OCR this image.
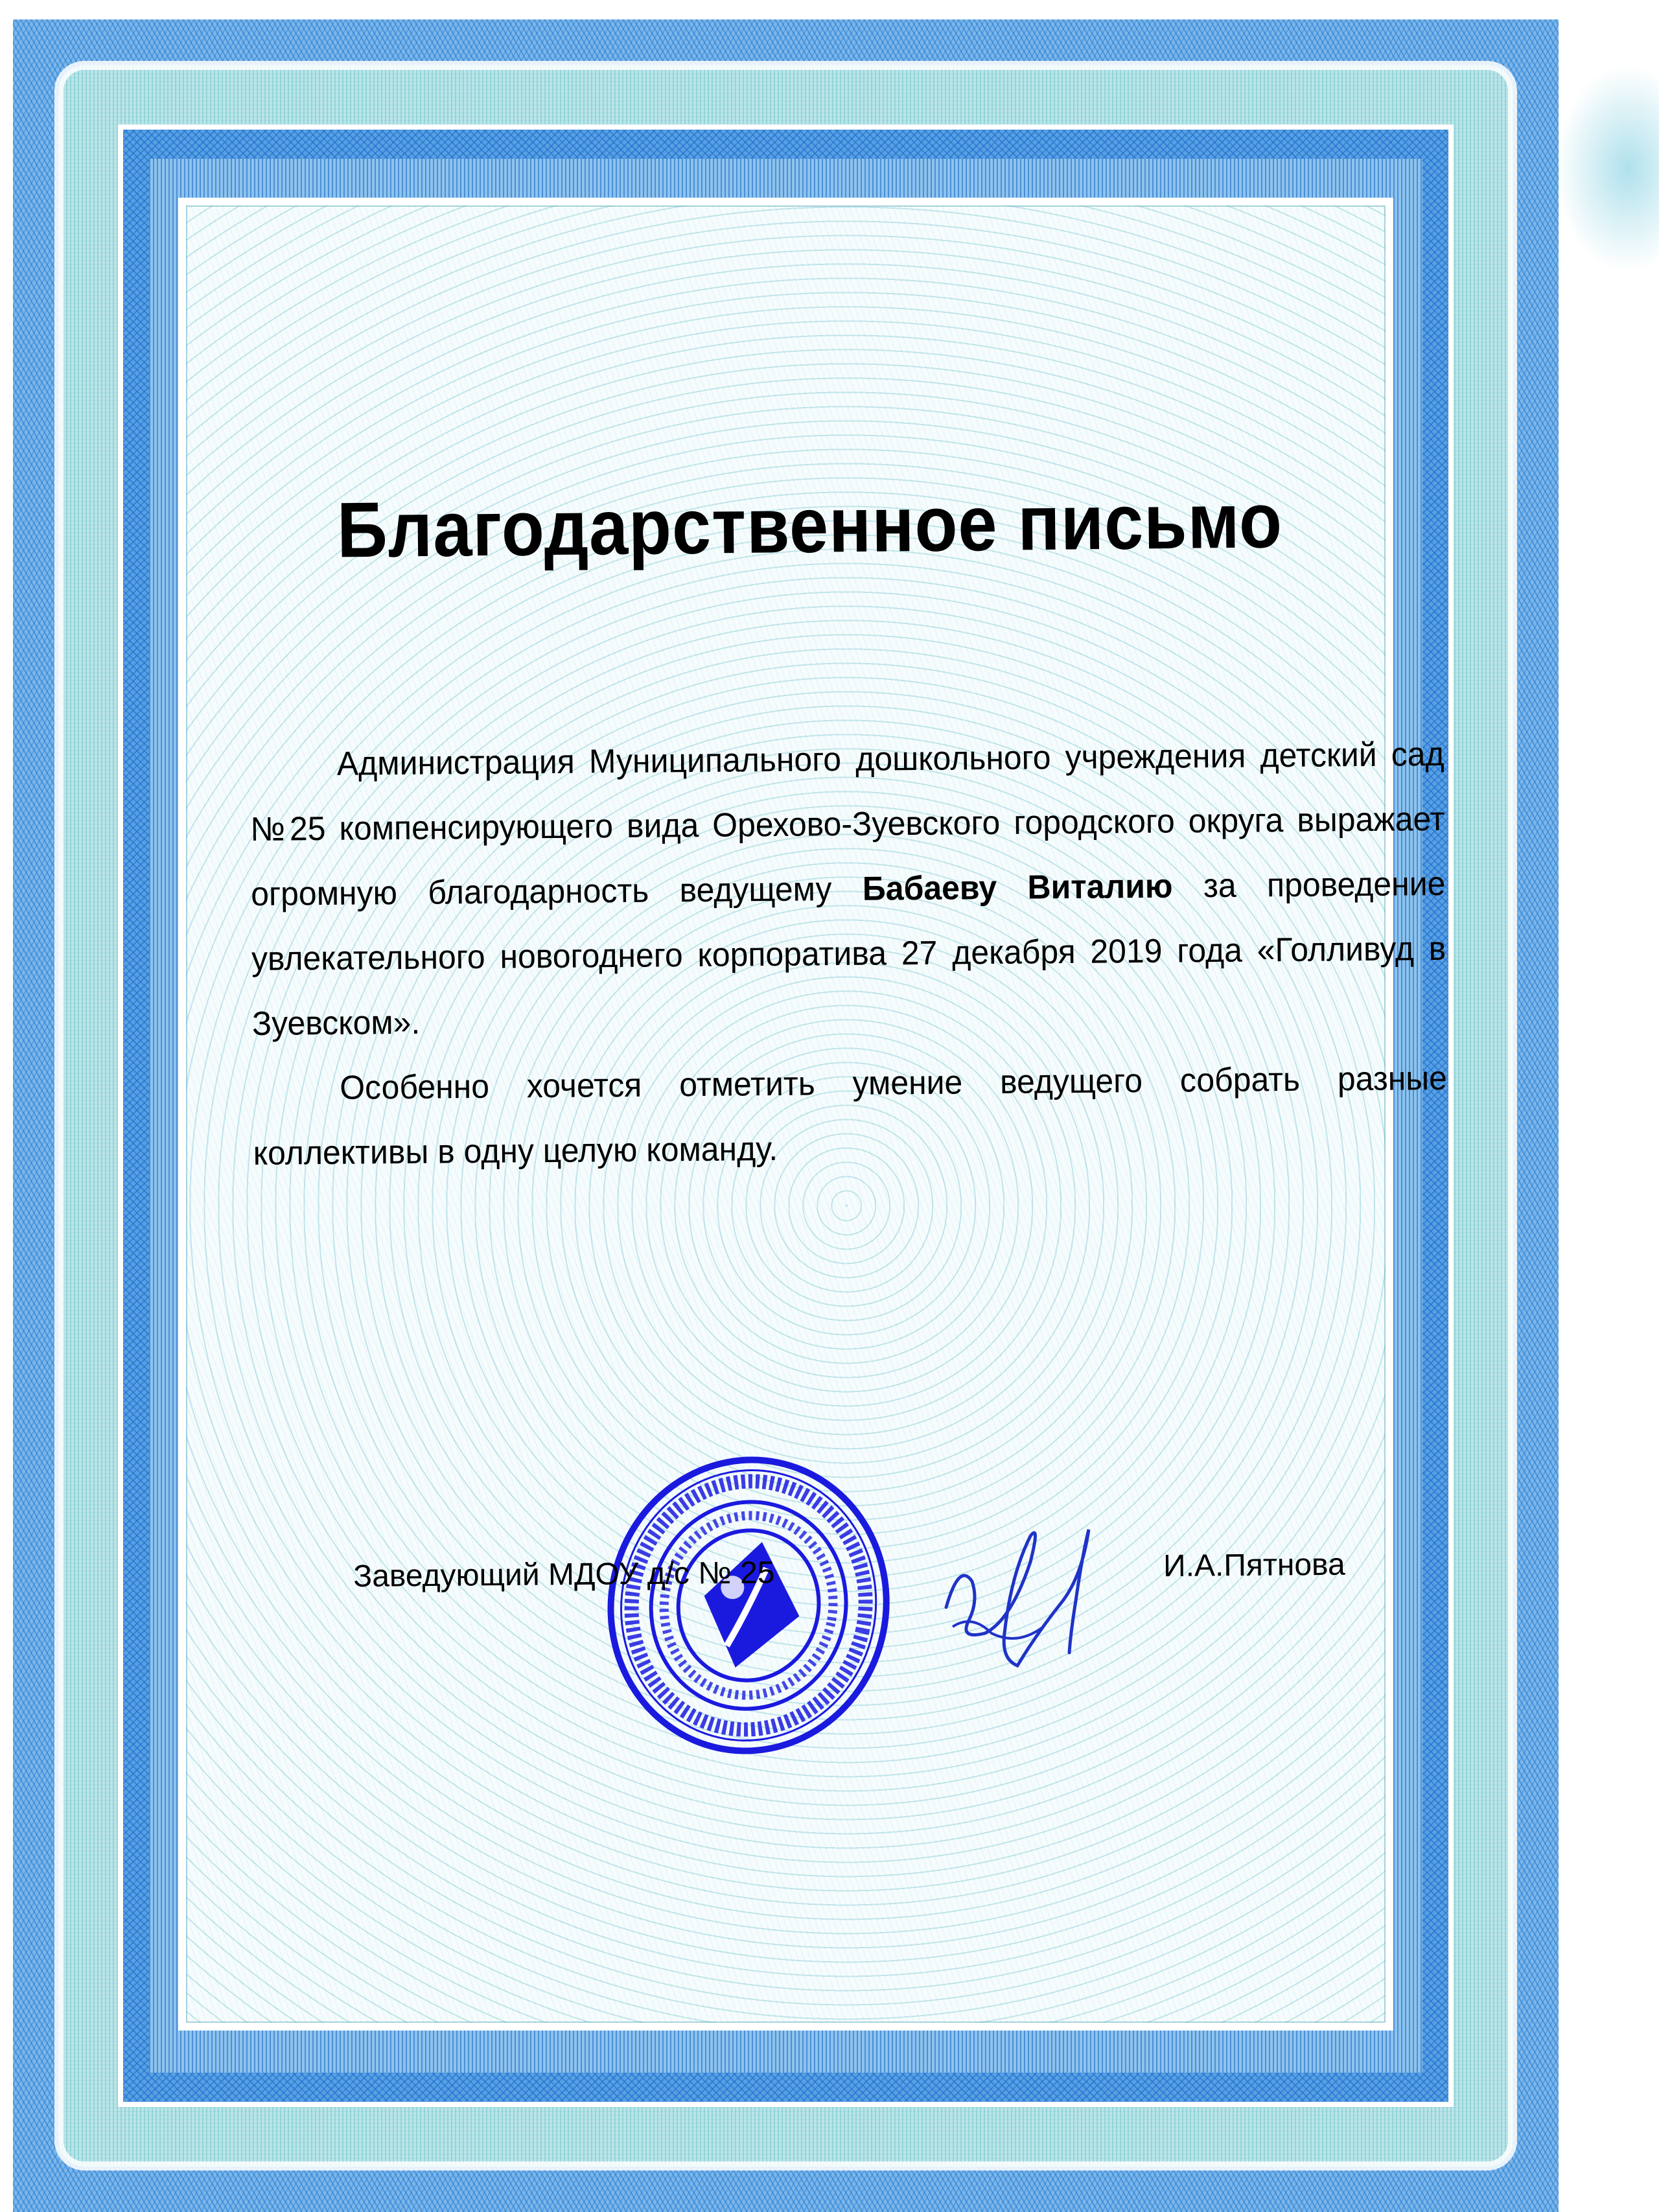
Благодарственное письмо

Администрация Муниципального дошкольного учреждения детский сад №25 компенсирующего вида Орехово-Зуевского городского округа выражает огромную благодарность ведущему Бабаеву Виталию за проведение увлекательного новогоднего корпоратива 27 декабря 2019 года «Голливуд в Зуевском».

Особенно хочется отметить умение ведущего собрать разные коллективы в одну целую команду.

Заведующий МДОУ д/с № 25	И.А.Пятнова
